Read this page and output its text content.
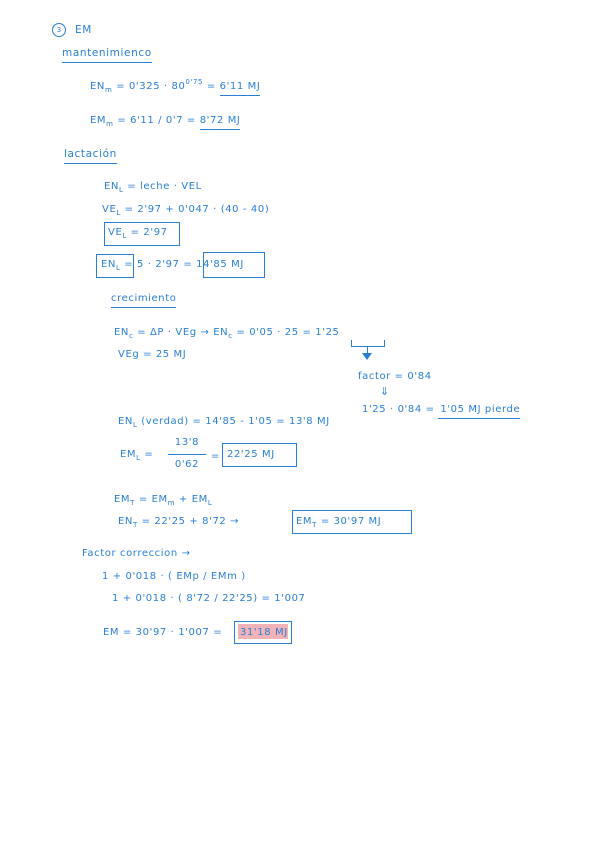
3	EM
mantenimienco
$EN_m = 0'325 \cdot 80^{0'75} = 6'11$ MJ
$EM_m = 6'11 / 0'7 = 8'72$ MJ
lactación
$EN_L$ = leche · VEL
$VE_L = 2'97 + 0'047 \cdot (40 - 40)$
$VE_L = 2'97$
$EN_L = 5 \cdot 2'97 = 14'85$ MJ
crecimiento
$EN_c = \Delta P$ · VEg → $EN_c = 0'05 \cdot 25 = 1'25$
VEg = 25 MJ
factor = 0'84
⇓
1'25 · 0'84 = 1'05 MJ pierde
$EN_L$ (verdad) = 14'85 - 1'05 = 13'8 MJ
$EM_L$ =
13'8
0'62
= 22'25 MJ
$EM_T = EM_m + EM_L$
$EN_T = 22'25 + 8'72$ →	$EM_T = 30'97$ MJ
Factor correccion →
1 + 0'018 · ( EMp / EMm )
1 + 0'018 · ( 8'72 / 22'25) = 1'007
EM = 30'97 · 1'007 = 31'18 MJ
